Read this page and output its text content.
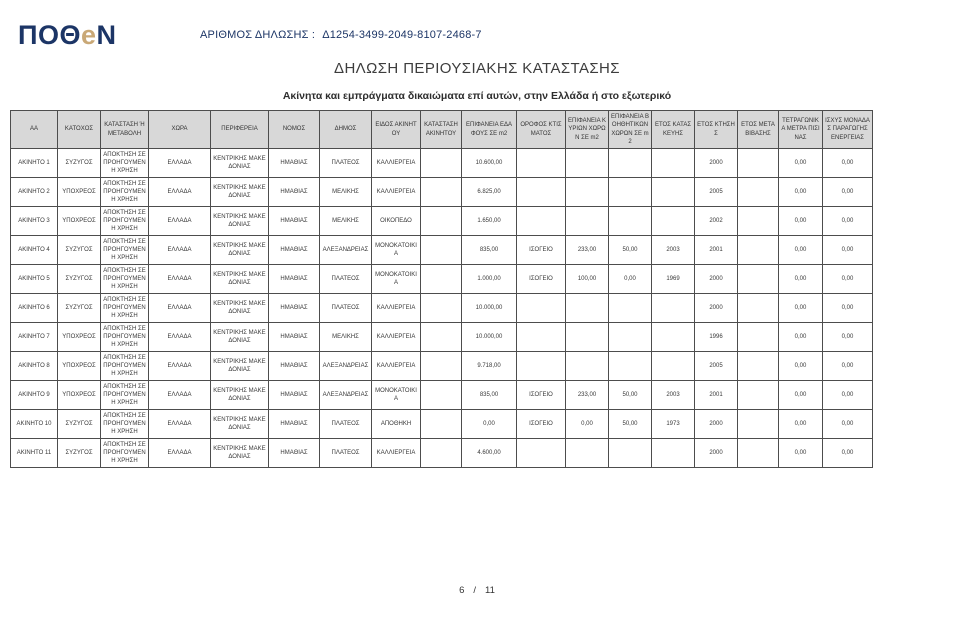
ΠΟΘeΝ	ΑΡΙΘΜΟΣ ΔΗΛΩΣΗΣ : Δ1254-3499-2049-8107-2468-7
ΔΗΛΩΣΗ ΠΕΡΙΟΥΣΙΑΚΗΣ ΚΑΤΑΣΤΑΣΗΣ
Ακίνητα και εμπράγματα δικαιώματα επί αυτών, στην Ελλάδα ή στο εξωτερικό
ΑΑ	ΚΑΤΟΧΟΣ	ΚΑΤΑΣΤΑΣΗ Ή ΜΕΤΑΒΟΛΗ	ΧΩΡΑ	ΠΕΡΙΦΕΡΕΙΑ	ΝΟΜΟΣ	ΔΗΜΟΣ	ΕΙΔΟΣ ΑΚΙΝΗΤΟΥ	ΚΑΤΑΣΤΑΣΗ ΑΚΙΝΗΤΟΥ	ΕΠΙΦΑΝΕΙΑ ΕΔΑΦΟΥΣ ΣΕ m2	ΟΡΟΦΟΣ ΚΤΙΣΜΑΤΟΣ	ΕΠΙΦΑΝΕΙΑ ΚΥΡΙΩΝ ΧΩΡΩΝ ΣΕ m2	ΕΠΙΦΑΝΕΙΑ ΒΟΗΘΗΤΙΚΩΝ ΧΩΡΩΝ ΣΕ m2	ΕΤΟΣ ΚΑΤΑΣΚΕΥΗΣ	ΕΤΟΣ ΚΤΗΣΗΣ	ΕΤΟΣ ΜΕΤΑΒΙΒΑΣΗΣ	ΤΕΤΡΑΓΩΝΙΚΑ ΜΕΤΡΑ ΠΙΣΙΝΑΣ	ΙΣΧΥΣ ΜΟΝΑΔΑΣ ΠΑΡΑΓΩΓΗΣ ΕΝΕΡΓΕΙΑΣ
ΑΚΙΝΗΤΟ 1	ΣΥΖΥΓΟΣ	ΑΠΟΚΤΗΣΗ ΣΕ ΠΡΟΗΓΟΥΜΕΝΗ ΧΡΗΣΗ	ΕΛΛΑΔΑ	ΚΕΝΤΡΙΚΗΣ ΜΑΚΕΔΟΝΙΑΣ	ΗΜΑΘΙΑΣ	ΠΛΑΤΕΟΣ	ΚΑΛΛΙΕΡΓΕΙΑ		10.600,00					2000		0,00	0,00
ΑΚΙΝΗΤΟ 2	ΥΠΟΧΡΕΟΣ	ΑΠΟΚΤΗΣΗ ΣΕ ΠΡΟΗΓΟΥΜΕΝΗ ΧΡΗΣΗ	ΕΛΛΑΔΑ	ΚΕΝΤΡΙΚΗΣ ΜΑΚΕΔΟΝΙΑΣ	ΗΜΑΘΙΑΣ	ΜΕΛΙΚΗΣ	ΚΑΛΛΙΕΡΓΕΙΑ		6.825,00					2005		0,00	0,00
ΑΚΙΝΗΤΟ 3	ΥΠΟΧΡΕΟΣ	ΑΠΟΚΤΗΣΗ ΣΕ ΠΡΟΗΓΟΥΜΕΝΗ ΧΡΗΣΗ	ΕΛΛΑΔΑ	ΚΕΝΤΡΙΚΗΣ ΜΑΚΕΔΟΝΙΑΣ	ΗΜΑΘΙΑΣ	ΜΕΛΙΚΗΣ	ΟΙΚΟΠΕΔΟ		1.650,00					2002		0,00	0,00
ΑΚΙΝΗΤΟ 4	ΣΥΖΥΓΟΣ	ΑΠΟΚΤΗΣΗ ΣΕ ΠΡΟΗΓΟΥΜΕΝΗ ΧΡΗΣΗ	ΕΛΛΑΔΑ	ΚΕΝΤΡΙΚΗΣ ΜΑΚΕΔΟΝΙΑΣ	ΗΜΑΘΙΑΣ	ΑΛΕΞΑΝΔΡΕΙΑΣ	ΜΟΝΟΚΑΤΟΙΚΙΑ		835,00	ΙΣΟΓΕΙΟ	233,00	50,00	2003	2001		0,00	0,00
ΑΚΙΝΗΤΟ 5	ΣΥΖΥΓΟΣ	ΑΠΟΚΤΗΣΗ ΣΕ ΠΡΟΗΓΟΥΜΕΝΗ ΧΡΗΣΗ	ΕΛΛΑΔΑ	ΚΕΝΤΡΙΚΗΣ ΜΑΚΕΔΟΝΙΑΣ	ΗΜΑΘΙΑΣ	ΠΛΑΤΕΟΣ	ΜΟΝΟΚΑΤΟΙΚΙΑ		1.000,00	ΙΣΟΓΕΙΟ	100,00	0,00	1969	2000		0,00	0,00
ΑΚΙΝΗΤΟ 6	ΣΥΖΥΓΟΣ	ΑΠΟΚΤΗΣΗ ΣΕ ΠΡΟΗΓΟΥΜΕΝΗ ΧΡΗΣΗ	ΕΛΛΑΔΑ	ΚΕΝΤΡΙΚΗΣ ΜΑΚΕΔΟΝΙΑΣ	ΗΜΑΘΙΑΣ	ΠΛΑΤΕΟΣ	ΚΑΛΛΙΕΡΓΕΙΑ		10.000,00					2000		0,00	0,00
ΑΚΙΝΗΤΟ 7	ΥΠΟΧΡΕΟΣ	ΑΠΟΚΤΗΣΗ ΣΕ ΠΡΟΗΓΟΥΜΕΝΗ ΧΡΗΣΗ	ΕΛΛΑΔΑ	ΚΕΝΤΡΙΚΗΣ ΜΑΚΕΔΟΝΙΑΣ	ΗΜΑΘΙΑΣ	ΜΕΛΙΚΗΣ	ΚΑΛΛΙΕΡΓΕΙΑ		10.000,00					1996		0,00	0,00
ΑΚΙΝΗΤΟ 8	ΥΠΟΧΡΕΟΣ	ΑΠΟΚΤΗΣΗ ΣΕ ΠΡΟΗΓΟΥΜΕΝΗ ΧΡΗΣΗ	ΕΛΛΑΔΑ	ΚΕΝΤΡΙΚΗΣ ΜΑΚΕΔΟΝΙΑΣ	ΗΜΑΘΙΑΣ	ΑΛΕΞΑΝΔΡΕΙΑΣ	ΚΑΛΛΙΕΡΓΕΙΑ		9.718,00					2005		0,00	0,00
ΑΚΙΝΗΤΟ 9	ΥΠΟΧΡΕΟΣ	ΑΠΟΚΤΗΣΗ ΣΕ ΠΡΟΗΓΟΥΜΕΝΗ ΧΡΗΣΗ	ΕΛΛΑΔΑ	ΚΕΝΤΡΙΚΗΣ ΜΑΚΕΔΟΝΙΑΣ	ΗΜΑΘΙΑΣ	ΑΛΕΞΑΝΔΡΕΙΑΣ	ΜΟΝΟΚΑΤΟΙΚΙΑ		835,00	ΙΣΟΓΕΙΟ	233,00	50,00	2003	2001		0,00	0,00
ΑΚΙΝΗΤΟ 10	ΣΥΖΥΓΟΣ	ΑΠΟΚΤΗΣΗ ΣΕ ΠΡΟΗΓΟΥΜΕΝΗ ΧΡΗΣΗ	ΕΛΛΑΔΑ	ΚΕΝΤΡΙΚΗΣ ΜΑΚΕΔΟΝΙΑΣ	ΗΜΑΘΙΑΣ	ΠΛΑΤΕΟΣ	ΑΠΟΘΗΚΗ		0,00	ΙΣΟΓΕΙΟ	0,00	50,00	1973	2000		0,00	0,00
ΑΚΙΝΗΤΟ 11	ΣΥΖΥΓΟΣ	ΑΠΟΚΤΗΣΗ ΣΕ ΠΡΟΗΓΟΥΜΕΝΗ ΧΡΗΣΗ	ΕΛΛΑΔΑ	ΚΕΝΤΡΙΚΗΣ ΜΑΚΕΔΟΝΙΑΣ	ΗΜΑΘΙΑΣ	ΠΛΑΤΕΟΣ	ΚΑΛΛΙΕΡΓΕΙΑ		4.600,00					2000		0,00	0,00
6 / 11
